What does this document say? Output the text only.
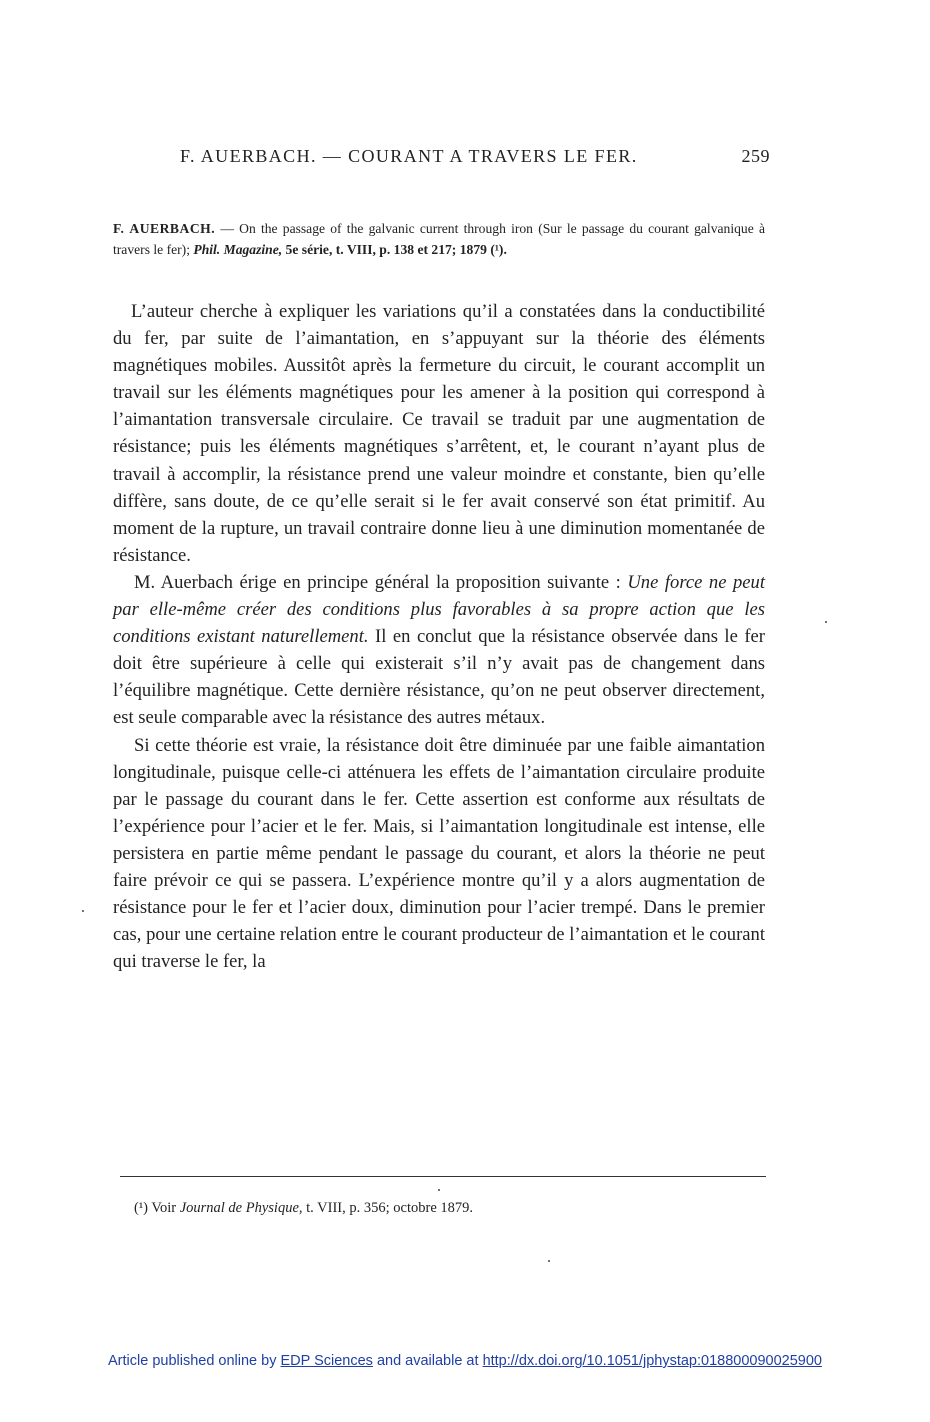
F. AUERBACH. — COURANT A TRAVERS LE FER.	259
F. AUERBACH. — On the passage of the galvanic current through iron (Sur le passage du courant galvanique à travers le fer); Phil. Magazine, 5e série, t. VIII, p. 138 et 217; 1879 (¹).

L’auteur cherche à expliquer les variations qu’il a constatées dans la conductibilité du fer, par suite de l’aimantation, en s’appuyant sur la théorie des éléments magnétiques mobiles. Aussitôt après la fermeture du circuit, le courant accomplit un travail sur les éléments magnétiques pour les amener à la position qui correspond à l’aimantation transversale circulaire. Ce travail se traduit par une augmentation de résistance; puis les éléments magnétiques s’arrêtent, et, le courant n’ayant plus de travail à accomplir, la résistance prend une valeur moindre et constante, bien qu’elle diffère, sans doute, de ce qu’elle serait si le fer avait conservé son état primitif. Au moment de la rupture, un travail contraire donne lieu à une diminution momentanée de résistance.

M. Auerbach érige en principe général la proposition suivante : Une force ne peut par elle-même créer des conditions plus favorables à sa propre action que les conditions existant naturellement. Il en conclut que la résistance observée dans le fer doit être supérieure à celle qui existerait s’il n’y avait pas de changement dans l’équilibre magnétique. Cette dernière résistance, qu’on ne peut observer directement, est seule comparable avec la résistance des autres métaux.

Si cette théorie est vraie, la résistance doit être diminuée par une faible aimantation longitudinale, puisque celle-ci atténuera les effets de l’aimantation circulaire produite par le passage du courant dans le fer. Cette assertion est conforme aux résultats de l’expérience pour l’acier et le fer. Mais, si l’aimantation longitudinale est intense, elle persistera en partie même pendant le passage du courant, et alors la théorie ne peut faire prévoir ce qui se passera. L’expérience montre qu’il y a alors augmentation de résistance pour le fer et l’acier doux, diminution pour l’acier trempé. Dans le premier cas, pour une certaine relation entre le courant producteur de l’aimantation et le courant qui traverse le fer, la

(¹) Voir Journal de Physique, t. VIII, p. 356; octobre 1879.
Article published online by EDP Sciences and available at http://dx.doi.org/10.1051/jphystap:018800090025900
